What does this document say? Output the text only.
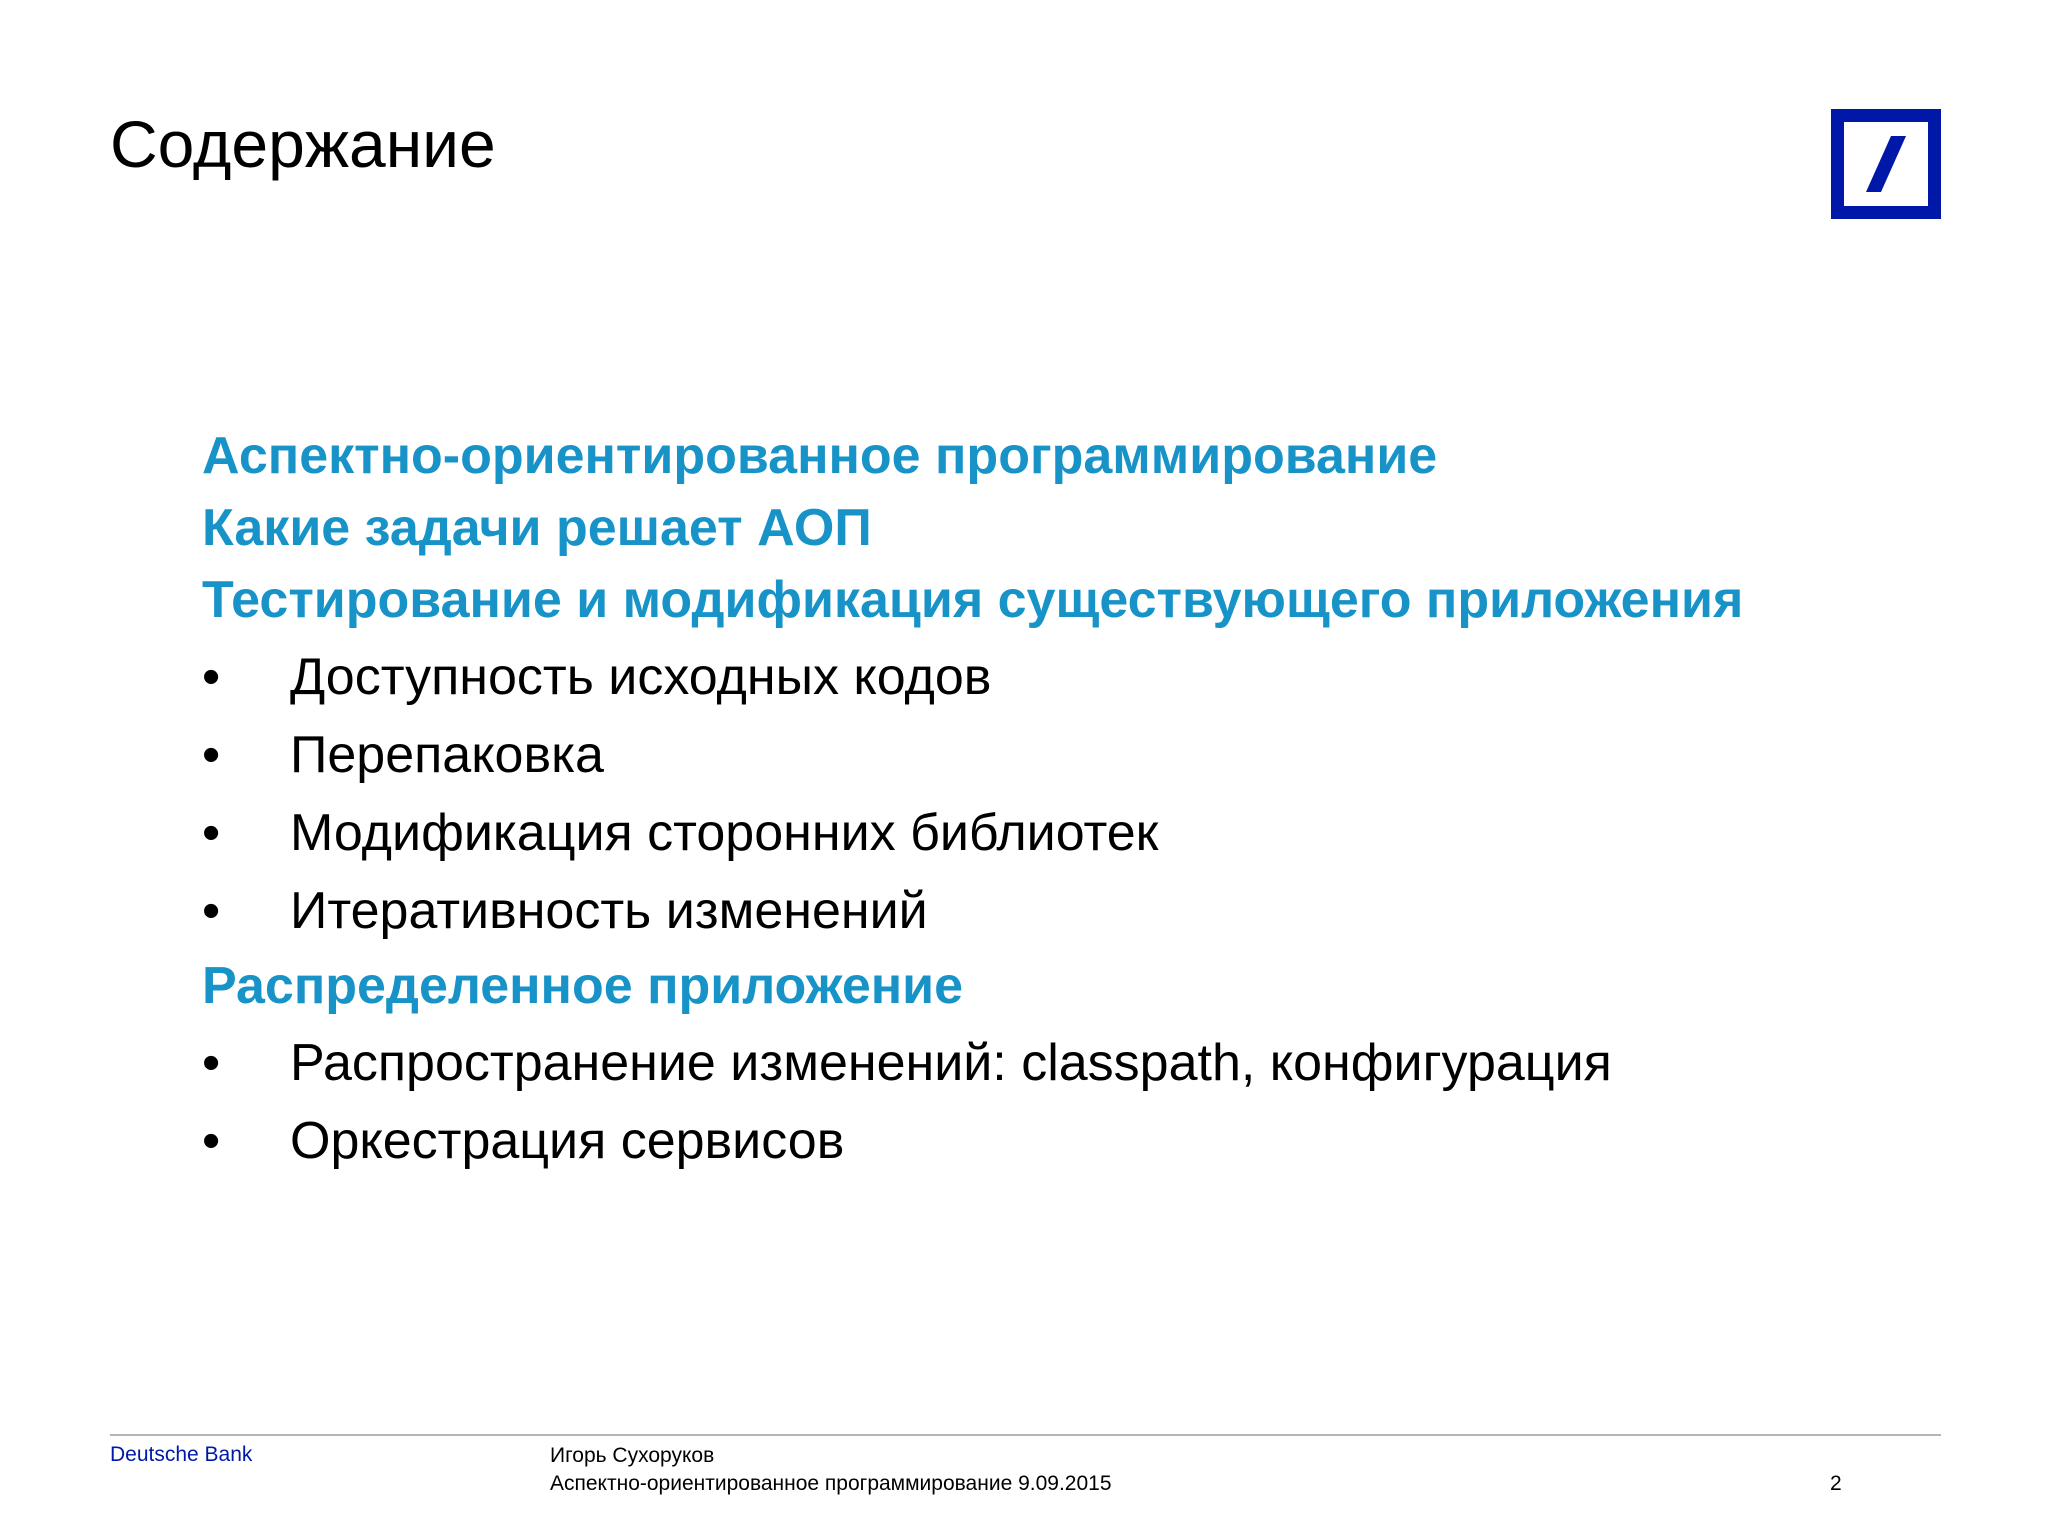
Содержание
Аспектно-ориентированное программирование
Какие задачи решает АОП
Тестирование и модификация существующего приложения
• Доступность исходных кодов
• Перепаковка
• Модификация сторонних библиотек
• Итеративность изменений
Распределенное приложение
• Распространение изменений: classpath, конфигурация
• Оркестрация сервисов
Deutsche Bank	Игорь Сухоруков
Аспектно-ориентированное программирование 9.09.2015	2
